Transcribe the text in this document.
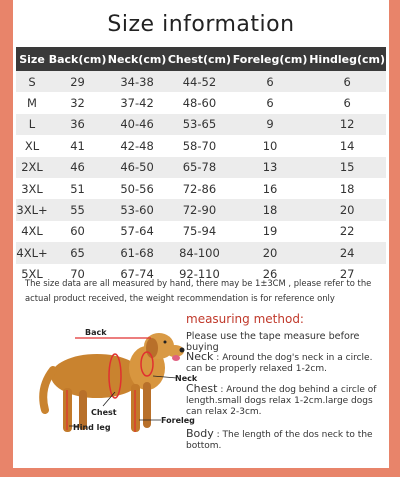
Size information
Size	Back(cm)	Neck(cm)	Chest(cm)	Foreleg(cm)	Hindleg(cm)
S	29	34-38	44-52	6	6
M	32	37-42	48-60	6	6
L	36	40-46	53-65	9	12
XL	41	42-48	58-70	10	14
2XL	46	46-50	65-78	13	15
3XL	51	50-56	72-86	16	18
3XL+	55	53-60	72-90	18	20
4XL	60	57-64	75-94	19	22
4XL+	65	61-68	84-100	20	24
5XL	70	67-74	92-110	26	27
The size data are all measured by hand, there may be 1±3CM , please refer to the actual product received, the weight recommendation is for reference only
Back
Neck
Chest
Foreleg
Hind leg
measuring method:
Please use the tape measure before buying
Neck : Around the dog's neck in a circle. can be properly relaxed 1-2cm.
Chest : Around the dog behind a circle of length.small dogs relax 1-2cm.large dogs can relax 2-3cm.
Body : The length of the dos neck to the bottom.
